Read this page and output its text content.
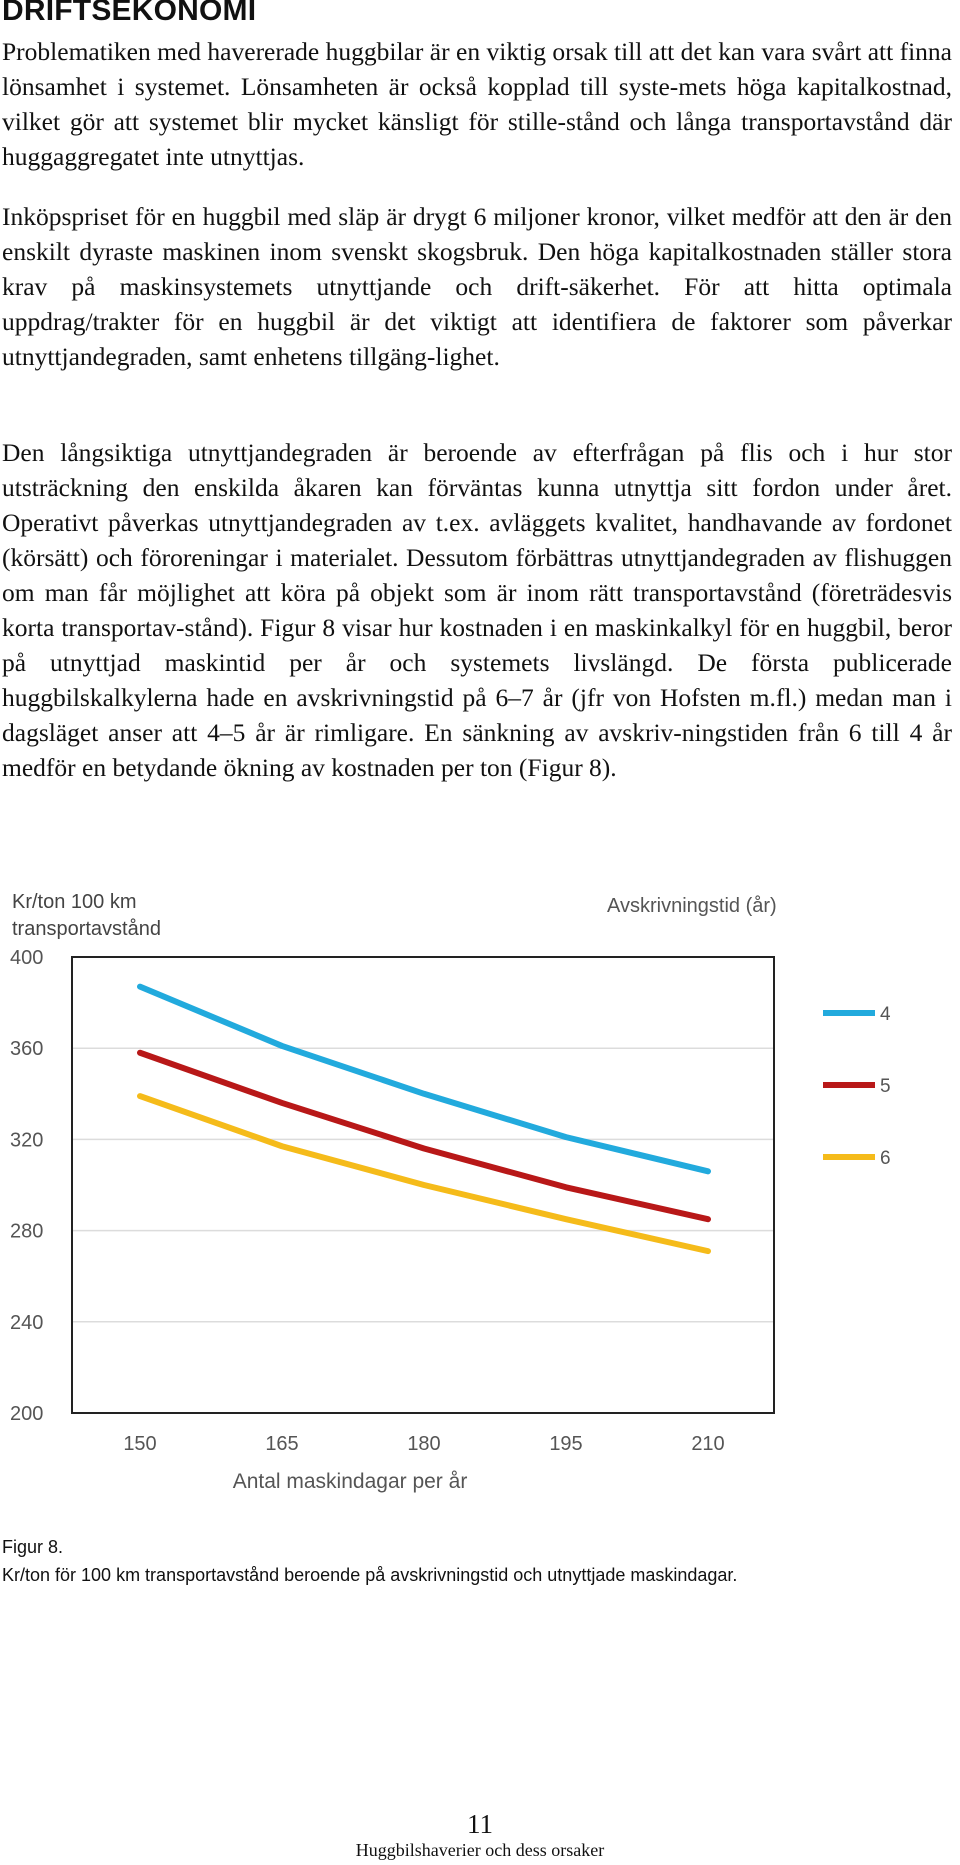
DRIFTSEKONOMI
Problematiken med havererade huggbilar är en viktig orsak till att det kan vara svårt att finna lönsamhet i systemet. Lönsamheten är också kopplad till syste-mets höga kapitalkostnad, vilket gör att systemet blir mycket känsligt för stille-stånd och långa transportavstånd där huggaggregatet inte utnyttjas.
Inköpspriset för en huggbil med släp är drygt 6 miljoner kronor, vilket medför att den är den enskilt dyraste maskinen inom svenskt skogsbruk. Den höga kapitalkostnaden ställer stora krav på maskinsystemets utnyttjande och drift-säkerhet. För att hitta optimala uppdrag/trakter för en huggbil är det viktigt att identifiera de faktorer som påverkar utnyttjandegraden, samt enhetens tillgäng-lighet.
Den långsiktiga utnyttjandegraden är beroende av efterfrågan på flis och i hur stor utsträckning den enskilda åkaren kan förväntas kunna utnyttja sitt fordon under året. Operativt påverkas utnyttjandegraden av t.ex. avläggets kvalitet, handhavande av fordonet (körsätt) och föroreningar i materialet. Dessutom förbättras utnyttjandegraden av flishuggen om man får möjlighet att köra på objekt som är inom rätt transportavstånd (företrädesvis korta transportav-stånd). Figur 8 visar hur kostnaden i en maskinkalkyl för en huggbil, beror på utnyttjad maskintid per år och systemets livslängd. De första publicerade huggbilskalkylerna hade en avskrivningstid på 6–7 år (jfr von Hofsten m.fl.) medan man i dagsläget anser att 4–5 år är rimligare. En sänkning av avskriv-ningstiden från 6 till 4 år medför en betydande ökning av kostnaden per ton (Figur 8).
Kr/ton 100 km
transportavstånd
Avskrivningstid (år)
400
360
320
280
240
200
150	165	180	195	210
4
5
6
Antal maskindagar per år
Figur 8.
Kr/ton för 100 km transportavstånd beroende på avskrivningstid och utnyttjade maskindagar.
11
Huggbilshaverier och dess orsaker
